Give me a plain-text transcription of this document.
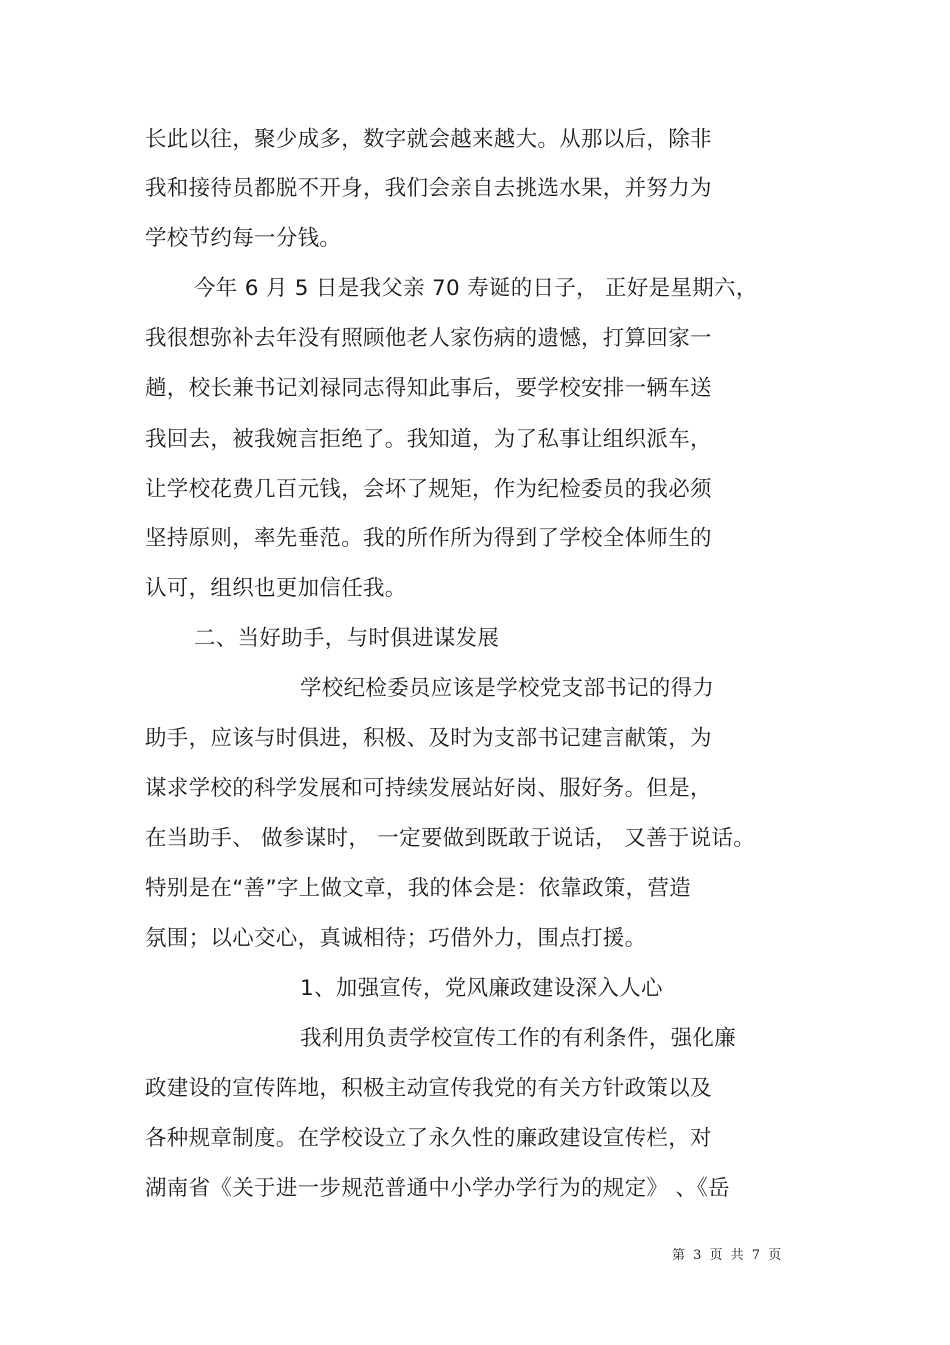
长此以往，聚少成多，数字就会越来越大。从那以后，除非
我和接待员都脱不开身，我们会亲自去挑选水果，并努力为
学校节约每一分钱。
今年 6 月 5 日是我父亲 70 寿诞的日子， 正好是星期六，
我很想弥补去年没有照顾他老人家伤病的遗憾，打算回家一
趟，校长兼书记刘禄同志得知此事后，要学校安排一辆车送
我回去，被我婉言拒绝了。我知道，为了私事让组织派车，
让学校花费几百元钱，会坏了规矩，作为纪检委员的我必须
坚持原则，率先垂范。我的所作所为得到了学校全体师生的
认可，组织也更加信任我。
二、当好助手，与时俱进谋发展
学校纪检委员应该是学校党支部书记的得力
助手，应该与时俱进，积极、及时为支部书记建言献策，为
谋求学校的科学发展和可持续发展站好岗、服好务。但是，
在当助手、 做参谋时， 一定要做到既敢于说话， 又善于说话。
特别是在“善”字上做文章，我的体会是：依靠政策，营造
氛围；以心交心，真诚相待；巧借外力，围点打援。
1、加强宣传，党风廉政建设深入人心
我利用负责学校宣传工作的有利条件，强化廉
政建设的宣传阵地，积极主动宣传我党的有关方针政策以及
各种规章制度。在学校设立了永久性的廉政建设宣传栏，对
湖南省《关于进一步规范普通中小学办学行为的规定》 、《岳
第 3 页 共 7 页
